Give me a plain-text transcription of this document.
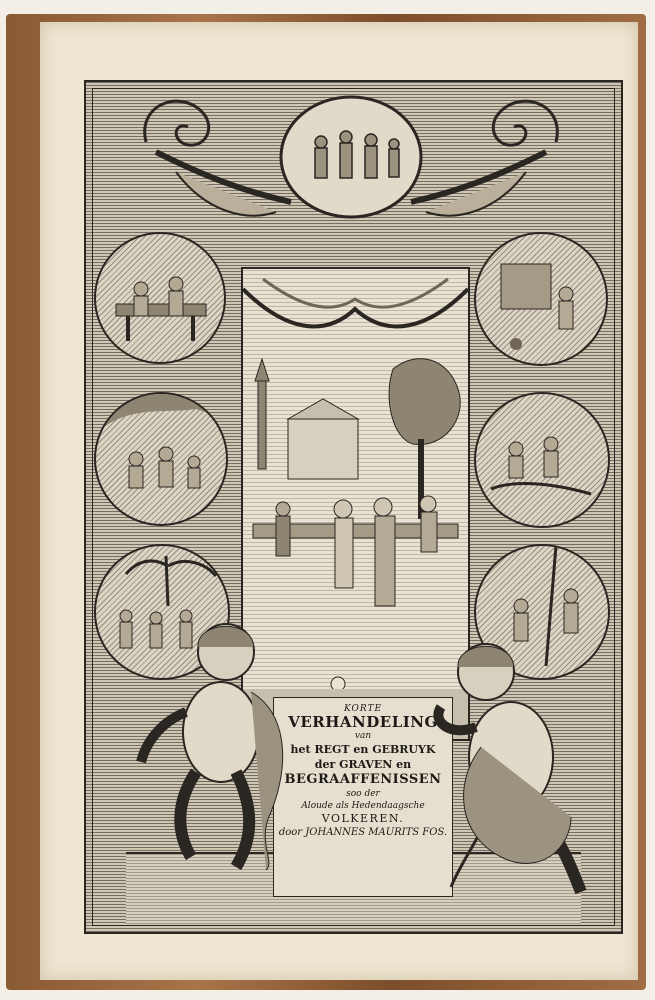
KORTE
VERHANDELING
van
het REGT en GEBRUYK
der GRAVEN en
BEGRAAFFENISSEN
soo der
Aloude als Hedendaagsche
VOLKEREN.
door JOHANNES MAURITS FOS.
